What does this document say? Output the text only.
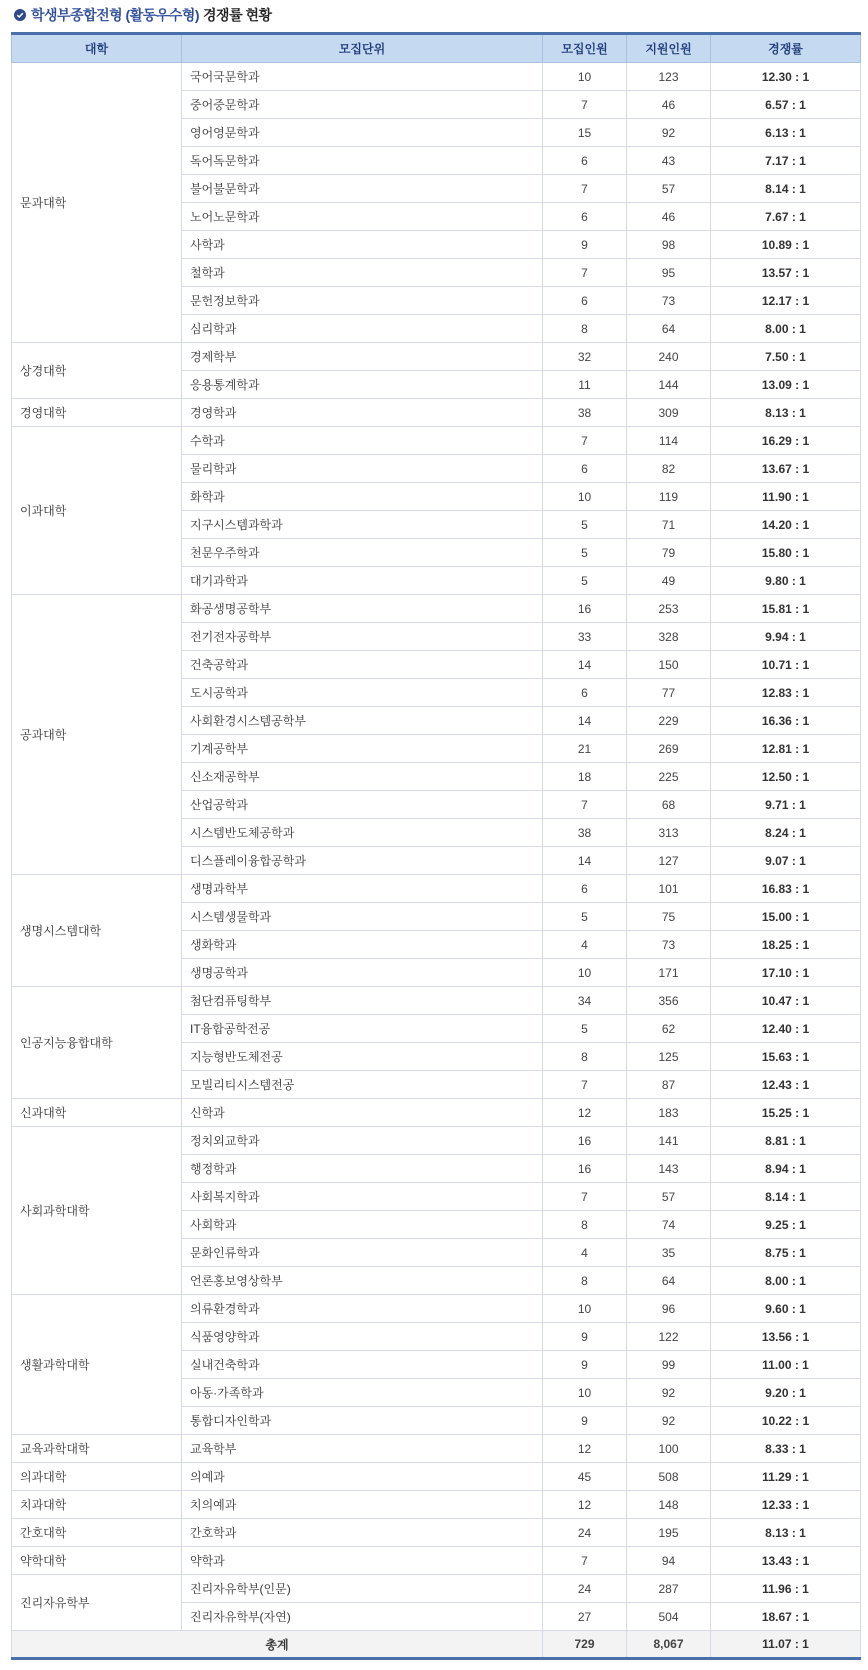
학생부종합전형 (활동우수형) 경쟁률 현황
대학	모집단위	모집인원	지원인원	경쟁률
문과대학	국어국문학과	10	123	12.30 : 1
	중어중문학과	7	46	6.57 : 1
	영어영문학과	15	92	6.13 : 1
	독어독문학과	6	43	7.17 : 1
	불어불문학과	7	57	8.14 : 1
	노어노문학과	6	46	7.67 : 1
	사학과	9	98	10.89 : 1
	철학과	7	95	13.57 : 1
	문헌정보학과	6	73	12.17 : 1
	심리학과	8	64	8.00 : 1
상경대학	경제학부	32	240	7.50 : 1
	응용통계학과	11	144	13.09 : 1
경영대학	경영학과	38	309	8.13 : 1
이과대학	수학과	7	114	16.29 : 1
	물리학과	6	82	13.67 : 1
	화학과	10	119	11.90 : 1
	지구시스템과학과	5	71	14.20 : 1
	천문우주학과	5	79	15.80 : 1
	대기과학과	5	49	9.80 : 1
공과대학	화공생명공학부	16	253	15.81 : 1
	전기전자공학부	33	328	9.94 : 1
	건축공학과	14	150	10.71 : 1
	도시공학과	6	77	12.83 : 1
	사회환경시스템공학부	14	229	16.36 : 1
	기계공학부	21	269	12.81 : 1
	신소재공학부	18	225	12.50 : 1
	산업공학과	7	68	9.71 : 1
	시스템반도체공학과	38	313	8.24 : 1
	디스플레이융합공학과	14	127	9.07 : 1
생명시스템대학	생명과학부	6	101	16.83 : 1
	시스템생물학과	5	75	15.00 : 1
	생화학과	4	73	18.25 : 1
	생명공학과	10	171	17.10 : 1
인공지능융합대학	첨단컴퓨팅학부	34	356	10.47 : 1
	IT융합공학전공	5	62	12.40 : 1
	지능형반도체전공	8	125	15.63 : 1
	모빌리티시스템전공	7	87	12.43 : 1
신과대학	신학과	12	183	15.25 : 1
사회과학대학	정치외교학과	16	141	8.81 : 1
	행정학과	16	143	8.94 : 1
	사회복지학과	7	57	8.14 : 1
	사회학과	8	74	9.25 : 1
	문화인류학과	4	35	8.75 : 1
	언론홍보영상학부	8	64	8.00 : 1
생활과학대학	의류환경학과	10	96	9.60 : 1
	식품영양학과	9	122	13.56 : 1
	실내건축학과	9	99	11.00 : 1
	아동·가족학과	10	92	9.20 : 1
	통합디자인학과	9	92	10.22 : 1
교육과학대학	교육학부	12	100	8.33 : 1
의과대학	의예과	45	508	11.29 : 1
치과대학	치의예과	12	148	12.33 : 1
간호대학	간호학과	24	195	8.13 : 1
약학대학	약학과	7	94	13.43 : 1
진리자유학부	진리자유학부(인문)	24	287	11.96 : 1
	진리자유학부(자연)	27	504	18.67 : 1
총계		729	8,067	11.07 : 1
